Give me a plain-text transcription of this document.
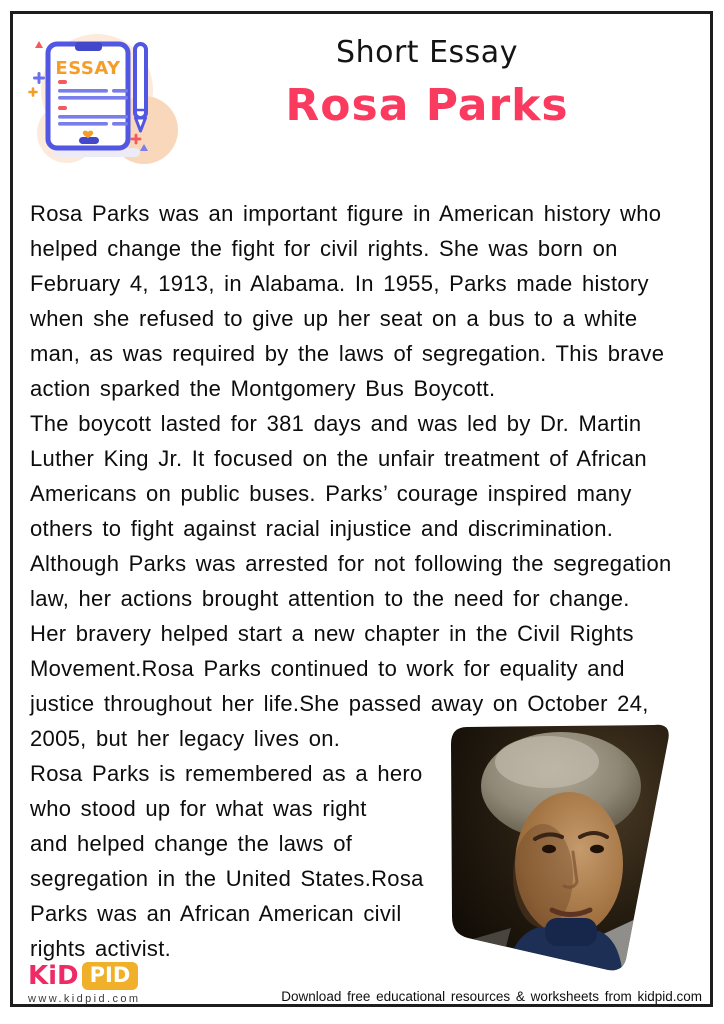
ESSAY	Short Essay
Rosa Parks
Rosa Parks was an important figure in American history who
helped change the fight for civil rights. She was born on
February 4, 1913, in Alabama. In 1955, Parks made history
when she refused to give up her seat on a bus to a white
man, as was required by the laws of segregation. This brave
action sparked the Montgomery Bus Boycott.
The boycott lasted for 381 days and was led by Dr. Martin
Luther King Jr. It focused on the unfair treatment of African
Americans on public buses. Parks’ courage inspired many
others to fight against racial injustice and discrimination.
Although Parks was arrested for not following the segregation
law, her actions brought attention to the need for change.
Her bravery helped start a new chapter in the Civil Rights
Movement.Rosa Parks continued to work for equality and
justice throughout her life.She passed away on October 24,
2005, but her legacy lives on.
Rosa Parks is remembered as a hero
who stood up for what was right
and helped change the laws of
segregation in the United States.Rosa
Parks was an African American civil
rights activist.
KiD PID
www.kidpid.com	Download free educational resources & worksheets from kidpid.com
